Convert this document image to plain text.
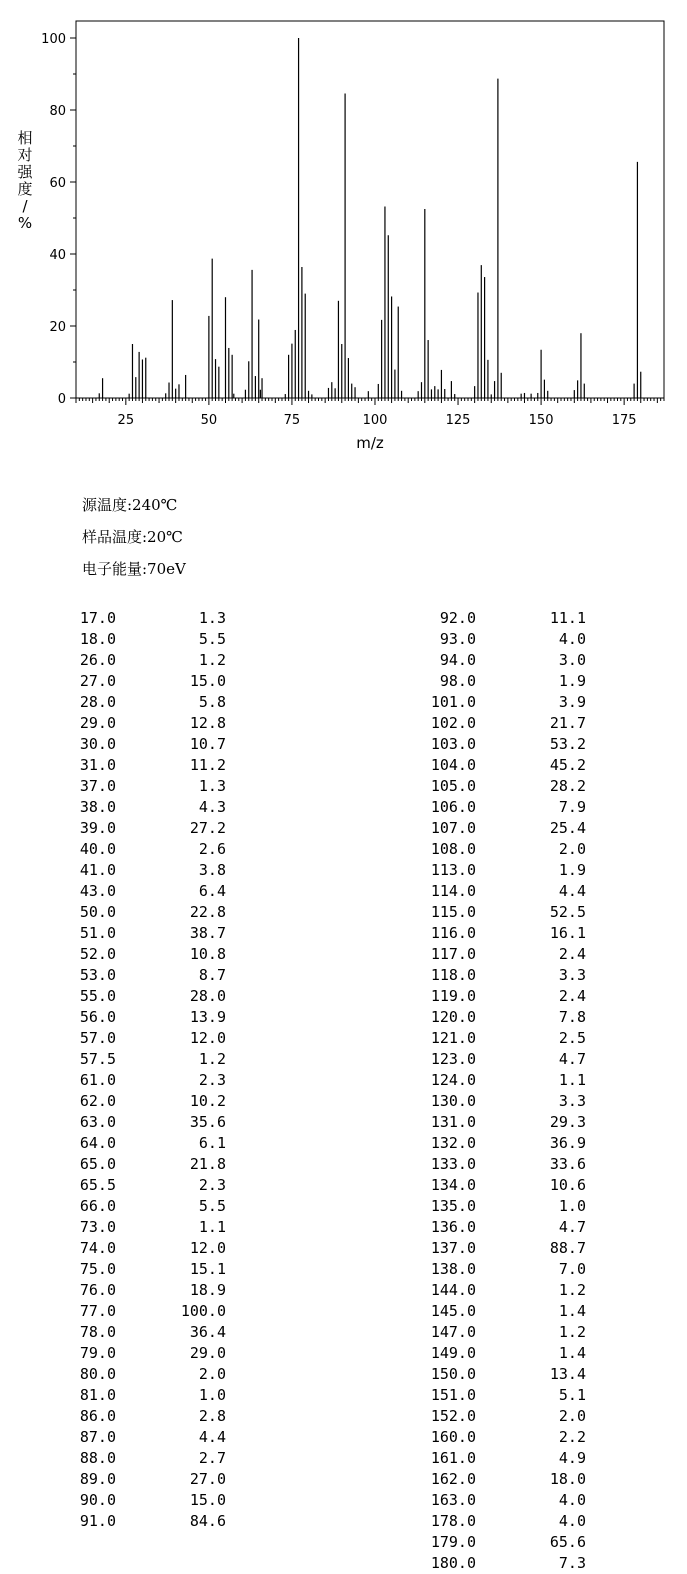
0
20
40
60
80
100
25	50	75	100	125	150	175
m/z
相
对
强
度
/
%
源温度:240℃
样品温度:20℃
电子能量:70eV
17.0	1.3
18.0	5.5
26.0	1.2
27.0	15.0
28.0	5.8
29.0	12.8
30.0	10.7
31.0	11.2
37.0	1.3
38.0	4.3
39.0	27.2
40.0	2.6
41.0	3.8
43.0	6.4
50.0	22.8
51.0	38.7
52.0	10.8
53.0	8.7
55.0	28.0
56.0	13.9
57.0	12.0
57.5	1.2
61.0	2.3
62.0	10.2
63.0	35.6
64.0	6.1
65.0	21.8
65.5	2.3
66.0	5.5
73.0	1.1
74.0	12.0
75.0	15.1
76.0	18.9
77.0	100.0
78.0	36.4
79.0	29.0
80.0	2.0
81.0	1.0
86.0	2.8
87.0	4.4
88.0	2.7
89.0	27.0
90.0	15.0
91.0	84.6
92.0	11.1
93.0	4.0
94.0	3.0
98.0	1.9
101.0	3.9
102.0	21.7
103.0	53.2
104.0	45.2
105.0	28.2
106.0	7.9
107.0	25.4
108.0	2.0
113.0	1.9
114.0	4.4
115.0	52.5
116.0	16.1
117.0	2.4
118.0	3.3
119.0	2.4
120.0	7.8
121.0	2.5
123.0	4.7
124.0	1.1
130.0	3.3
131.0	29.3
132.0	36.9
133.0	33.6
134.0	10.6
135.0	1.0
136.0	4.7
137.0	88.7
138.0	7.0
144.0	1.2
145.0	1.4
147.0	1.2
149.0	1.4
150.0	13.4
151.0	5.1
152.0	2.0
160.0	2.2
161.0	4.9
162.0	18.0
163.0	4.0
178.0	4.0
179.0	65.6
180.0	7.3
